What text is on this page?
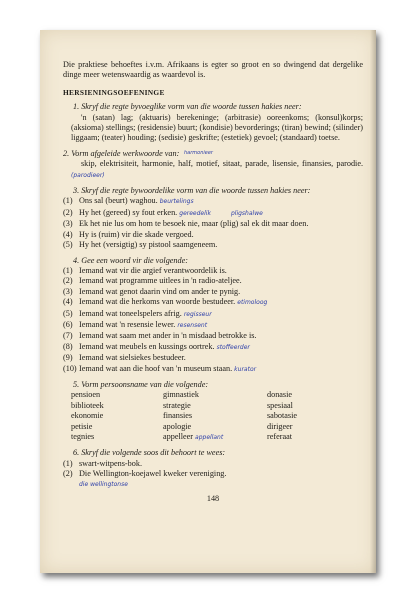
Die praktiese behoeftes i.v.m. Afrikaans is egter so groot en so dwingend dat dergelike dinge meer wetenswaardig as waardevol is.

HERSIENINGSOEFENINGE

1. Skryf die regte byvoeglike vorm van die woorde tussen hakies neer:

'n (satan) lag; (aktuaris) berekeninge; (arbitrasie) ooreenkoms; (konsul)korps; (aksioma) stellings; (residensie) buurt; (kondisie) bevorderings; (tiran) bewind; (silinder) liggaam; (teater) houding; (sedisie) geskrifte; (estetiek) gevoel; (standaard) toetse.

harmonieer

2. Vorm afgeleide werkwoorde van:

skip, elektrisiteit, harmonie, half, motief, sitaat, parade, lisensie, finansies, parodie. (parodieer)

3. Skryf die regte bywoordelike vorm van die woorde tussen hakies neer:

(1) Ons sal (beurt) waghou. beurtelings
(2) Hy het (gereed) sy fout erken. gereedelik	pligshalwe
(3) Ek het nie lus om hom te besoek nie, maar (plig) sal ek dit maar doen.
(4) Hy is (ruim) vir die skade vergoed.
(5) Hy het (versigtig) sy pistool saamgeneem.

4. Gee een woord vir die volgende:

(1) Iemand wat vir die argief verantwoordelik is.
(2) Iemand wat programme uitlees in 'n radio-ateljee.
(3) Iemand wat genot daarin vind om ander te pynig.
(4) Iemand wat die herkoms van woorde bestudeer. etimoloog
(5) Iemand wat toneelspelers afrig. regisseur
(6) Iemand wat 'n resensie lewer. resensent
(7) Iemand wat saam met ander in 'n misdaad betrokke is.
(8) Iemand wat meubels en kussings oortrek. stoffeerder
(9) Iemand wat sielsiekes bestudeer.
(10) Iemand wat aan die hoof van 'n museum staan. kurator

5. Vorm persoonsname van die volgende:

pensioen	gimnastiek	donasie
biblioteek	strategie	spesiaal
ekonomie	finansies	sabotasie
petisie	apologie	dirigeer
tegnies	appelleer appellant	referaat

6. Skryf die volgende soos dit behoort te wees:

(1) swart-witpens-bok.
(2) Die Wellington-koejawel kweker vereniging.

die wellingtonse

148
